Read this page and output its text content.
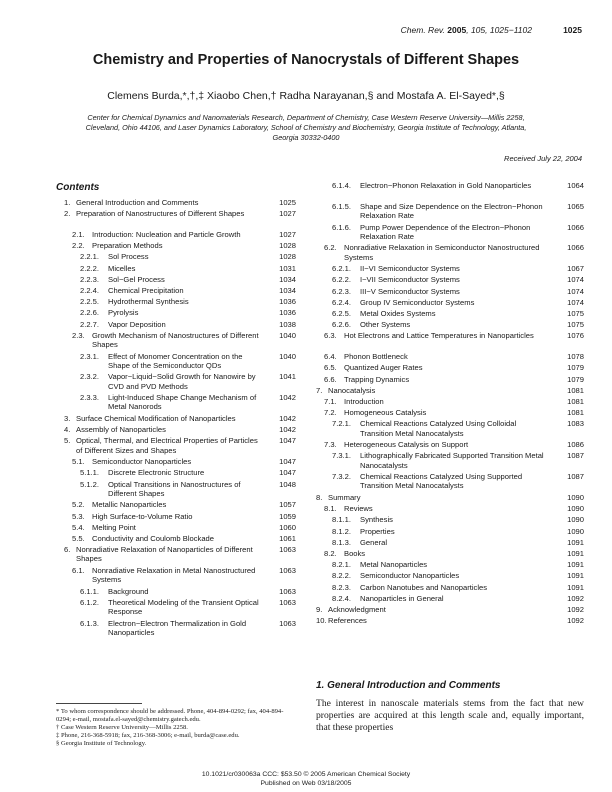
Chem. Rev. 2005, 105, 1025−1102	1025
Chemistry and Properties of Nanocrystals of Different Shapes
Clemens Burda,*,†,‡ Xiaobo Chen,† Radha Narayanan,§ and Mostafa A. El-Sayed*,§
Center for Chemical Dynamics and Nanomaterials Research, Department of Chemistry, Case Western Reserve University—Millis 2258, Cleveland, Ohio 44106, and Laser Dynamics Laboratory, School of Chemistry and Biochemistry, Georgia Institute of Technology, Atlanta, Georgia 30332-0400
Received July 22, 2004
Contents
1. General Introduction and Comments	1025
2. Preparation of Nanostructures of Different Shapes	1027
2.1. Introduction: Nucleation and Particle Growth	1027
2.2. Preparation Methods	1028
2.2.1. Sol Process	1028
2.2.2. Micelles	1031
2.2.3. Sol−Gel Process	1034
2.2.4. Chemical Precipitation	1034
2.2.5. Hydrothermal Synthesis	1036
2.2.6. Pyrolysis	1036
2.2.7. Vapor Deposition	1038
2.3. Growth Mechanism of Nanostructures of Different Shapes
1040
2.3.1. Effect of Monomer Concentration on the Shape of the Semiconductor QDs
1040
2.3.2. Vapor−Liquid−Solid Growth for Nanowire by CVD and PVD Methods
1041
2.3.3. Light-Induced Shape Change Mechanism of Metal Nanorods
1042
3. Surface Chemical Modification of Nanoparticles	1042
4. Assembly of Nanoparticles	1042
5. Optical, Thermal, and Electrical Properties of Particles of Different Sizes and Shapes
1047
5.1. Semiconductor Nanoparticles	1047
5.1.1. Discrete Electronic Structure	1047
5.1.2. Optical Transitions in Nanostructures of Different Shapes
1048
5.2. Metallic Nanoparticles	1057
5.3. High Surface-to-Volume Ratio	1059
5.4. Melting Point	1060
5.5. Conductivity and Coulomb Blockade	1061
6. Nonradiative Relaxation of Nanoparticles of Different Shapes
1063
6.1. Nonradiative Relaxation in Metal Nanostructured Systems
1063
6.1.1. Background	1063
6.1.2. Theoretical Modeling of the Transient Optical Response
1063
6.1.3. Electron−Electron Thermalization in Gold Nanoparticles
1063
6.1.4. Electron−Phonon Relaxation in Gold Nanoparticles	1064
6.1.5. Shape and Size Dependence on the Electron−Phonon Relaxation Rate
1065
6.1.6. Pump Power Dependence of the Electron−Phonon Relaxation Rate
1066
6.2. Nonradiative Relaxation in Semiconductor Nanostructured Systems
1066
6.2.1. II−VI Semiconductor Systems	1067
6.2.2. I−VII Semiconductor Systems	1074
6.2.3. III−V Semiconductor Systems	1074
6.2.4. Group IV Semiconductor Systems	1074
6.2.5. Metal Oxides Systems	1075
6.2.6. Other Systems	1075
6.3. Hot Electrons and Lattice Temperatures in Nanoparticles	1076
6.4. Phonon Bottleneck	1078
6.5. Quantized Auger Rates	1079
6.6. Trapping Dynamics	1079
7. Nanocatalysis	1081
7.1. Introduction	1081
7.2. Homogeneous Catalysis	1081
7.2.1. Chemical Reactions Catalyzed Using Colloidal Transition Metal Nanocatalysts
1083
7.3. Heterogeneous Catalysis on Support	1086
7.3.1. Lithographically Fabricated Supported Transition Metal Nanocatalysts
1087
7.3.2. Chemical Reactions Catalyzed Using Supported Transition Metal Nanocatalysts
1087
8. Summary	1090
8.1. Reviews	1090
8.1.1. Synthesis	1090
8.1.2. Properties	1090
8.1.3. General	1091
8.2. Books	1091
8.2.1. Metal Nanoparticles	1091
8.2.2. Semiconductor Nanoparticles	1091
8.2.3. Carbon Nanotubes and Nanoparticles	1091
8.2.4. Nanoparticles in General	1092
9. Acknowledgment	1092
10. References	1092
1. General Introduction and Comments
The interest in nanoscale materials stems from the fact that new properties are acquired at this length scale and, equally important, that these properties
* To whom correspondence should be addressed. Phone, 404-894-0292; fax, 404-894-0294; e-mail, mostafa.el-sayed@chemistry.gatech.edu.
† Case Western Reserve University—Millis 2258.
‡ Phone, 216-368-5918; fax, 216-368-3006; e-mail, burda@case.edu.
§ Georgia Institute of Technology.
10.1021/cr030063a CCC: $53.50 © 2005 American Chemical Society
Published on Web 03/18/2005
